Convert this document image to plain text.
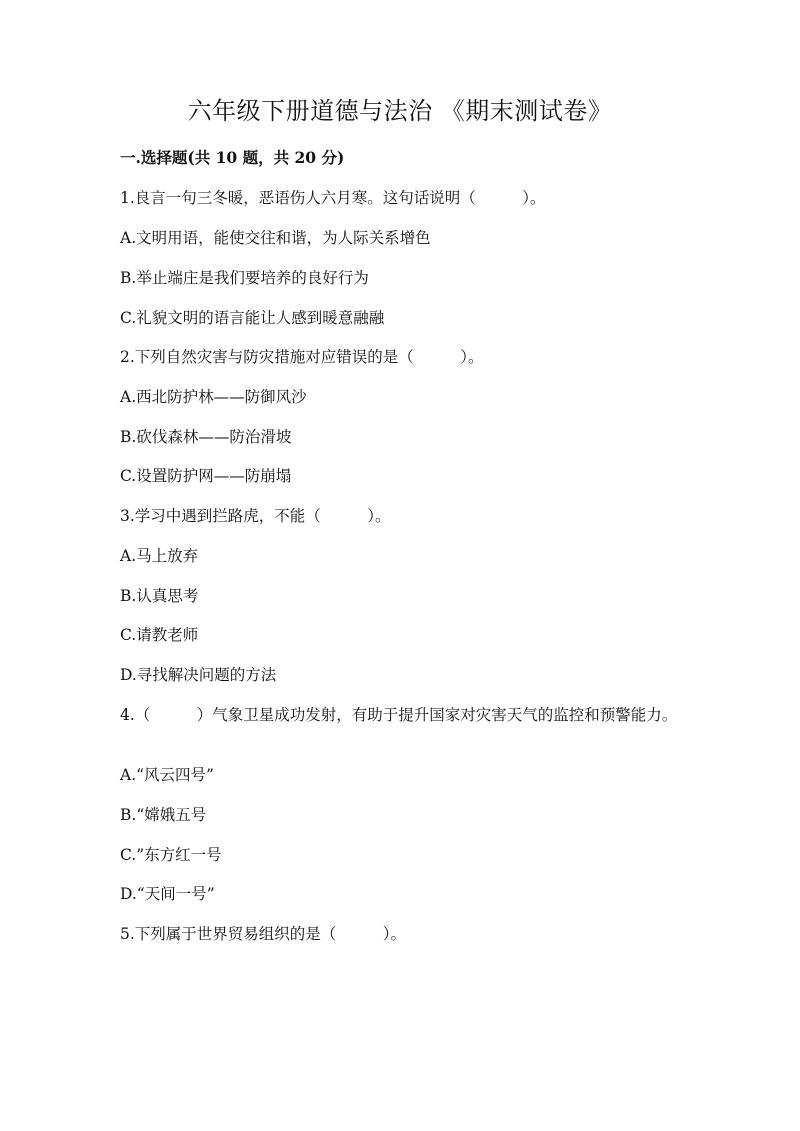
六年级下册道德与法治 《期末测试卷》
一.选择题(共 10 题，共 20 分)
1.良言一句三冬暖，恶语伤人六月寒。这句话说明（　　　）。
A.文明用语，能使交往和谐，为人际关系增色
B.举止端庄是我们要培养的良好行为
C.礼貌文明的语言能让人感到暖意融融
2.下列自然灾害与防灾措施对应错误的是（　　　）。
A.西北防护林——防御风沙
B.砍伐森林——防治滑坡
C.设置防护网——防崩塌
3.学习中遇到拦路虎，不能（　　　）。
A.马上放弃
B.认真思考
C.请教老师
D.寻找解决问题的方法
4.（　　　）气象卫星成功发射，有助于提升国家对灾害天气的监控和预警能力。
A.“风云四号”
B.“嫦娥五号
C.”东方红一号
D.“天间一号”
5.下列属于世界贸易组织的是（　　　）。
